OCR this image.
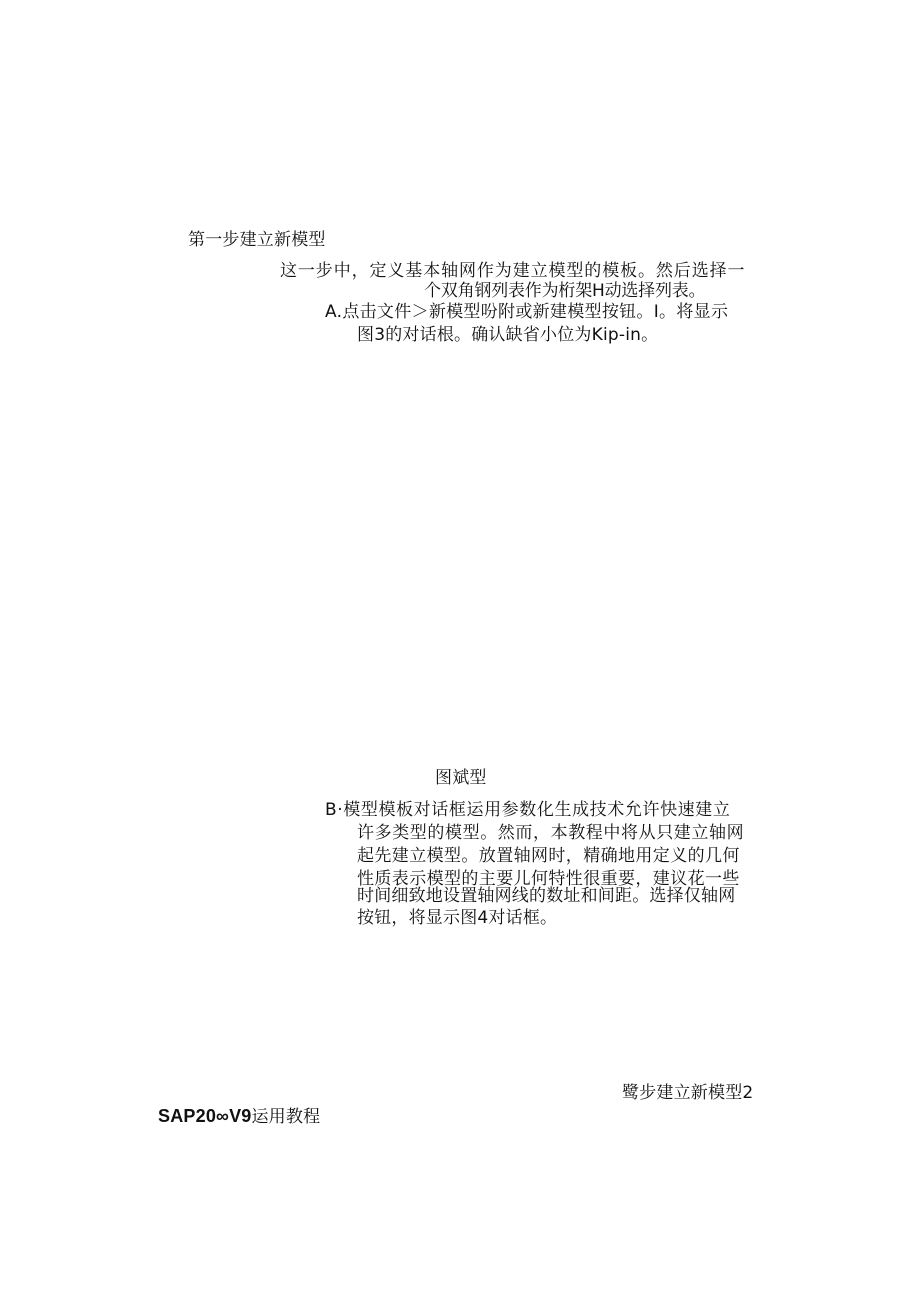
第一步建立新模型
这一步中，定义基本轴网作为建立模型的模板。然后选择一
个双角钢列表作为桁架H动选择列表。
A.点击文件＞新模型吩附或新建模型按钮。I。将显示
图3的对话根。确认缺省小位为Kip-in。
图斌型
B·模型模板对话框运用参数化生成技术允许快速建立
许多类型的模型。然而，本教程中将从只建立轴网
起先建立模型。放置轴网时，精确地用定义的几何
性质表示模型的主要儿何特性很重要，建议花一些
时间细致地设置轴网线的数址和间距。选择仅轴网
按钮，将显示图4对话框。
鹭步建立新模型2
SAP20∞V9运用教程
